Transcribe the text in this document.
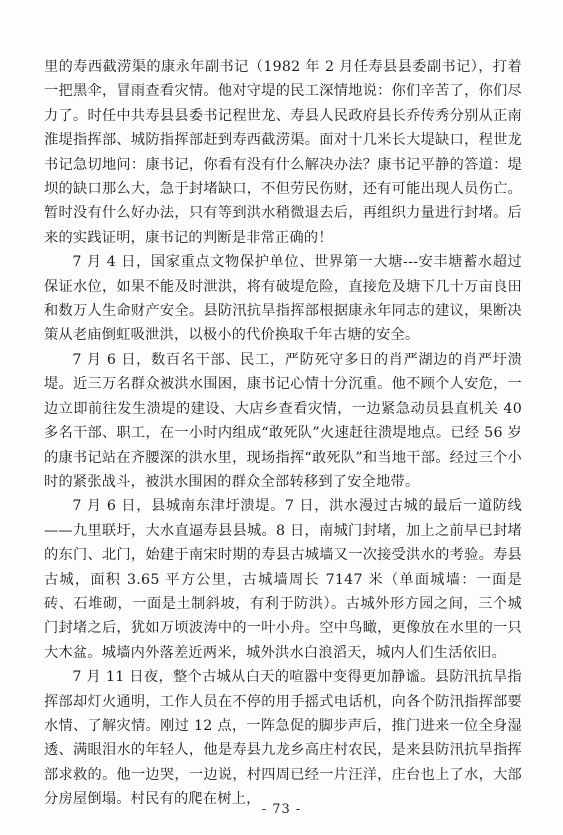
里的寿西截涝渠的康永年副书记（1982 年 2 月任寿县县委副书记），打着一把黑伞，冒雨查看灾情。他对守堤的民工深情地说：你们辛苦了，你们尽力了。时任中共寿县县委书记程世龙、寿县人民政府县长乔传秀分别从正南淮堤指挥部、城防指挥部赶到寿西截涝渠。面对十几米长大堤缺口，程世龙书记急切地问：康书记，你看有没有什么解决办法？康书记平静的答道：堤坝的缺口那么大，急于封堵缺口，不但劳民伤财，还有可能出现人员伤亡。暂时没有什么好办法，只有等到洪水稍微退去后，再组织力量进行封堵。后来的实践证明，康书记的判断是非常正确的！

7 月 4 日，国家重点文物保护单位、世界第一大塘---安丰塘蓄水超过保证水位，如果不能及时泄洪，将有破堤危险，直接危及塘下几十万亩良田和数万人生命财产安全。县防汛抗旱指挥部根据康永年同志的建议，果断决策从老庙倒虹吸泄洪，以极小的代价换取千年古塘的安全。

7 月 6 日，数百名干部、民工，严防死守多日的肖严湖边的肖严圩溃堤。近三万名群众被洪水围困，康书记心情十分沉重。他不顾个人安危，一边立即前往发生溃堤的建设、大店乡查看灾情，一边紧急动员县直机关 40 多名干部、职工，在一小时内组成“敢死队”火速赶往溃堤地点。已经 56 岁的康书记站在齐腰深的洪水里，现场指挥“敢死队”和当地干部。经过三个小时的紧张战斗，被洪水围困的群众全部转移到了安全地带。

7 月 6 日，县城南东津圩溃堤。7 日，洪水漫过古城的最后一道防线——九里联圩，大水直逼寿县县城。8 日，南城门封堵，加上之前早已封堵的东门、北门，始建于南宋时期的寿县古城墙又一次接受洪水的考验。寿县古城，面积 3.65 平方公里，古城墙周长 7147 米（单面城墙：一面是砖、石堆砌，一面是土制斜坡，有利于防洪）。古城外形方园之间，三个城门封堵之后，犹如万顷波涛中的一叶小舟。空中鸟瞰，更像放在水里的一只大木盆。城墙内外落差近两米，城外洪水白浪滔天，城内人们生活依旧。

7 月 11 日夜，整个古城从白天的喧嚣中变得更加静谧。县防汛抗旱指挥部却灯火通明，工作人员在不停的用手摇式电话机，向各个防汛指挥部要水情、了解灾情。刚过 12 点，一阵急促的脚步声后，推门进来一位全身湿透、满眼泪水的年轻人，他是寿县九龙乡高庄村农民，是来县防汛抗旱指挥部求救的。他一边哭，一边说，村四周已经一片汪洋，庄台也上了水，大部分房屋倒塌。村民有的爬在树上，

- 73 -
